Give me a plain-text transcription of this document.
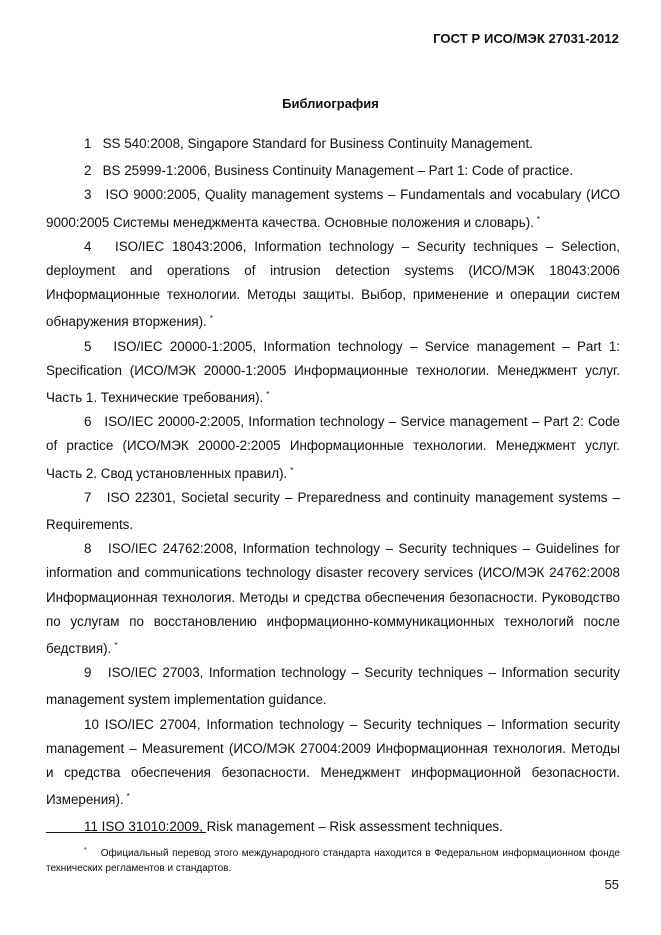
ГОСТ Р ИСО/МЭК 27031-2012
Библиография

1 SS 540:2008, Singapore Standard for Business Continuity Management.

2 BS 25999-1:2006, Business Continuity Management – Part 1: Code of practice.

3 ISO 9000:2005, Quality management systems – Fundamentals and vocabulary (ИСО 9000:2005 Системы менеджмента качества. Основные положения и словарь). *

4 ISO/IEC 18043:2006, Information technology – Security techniques – Selection, deployment and operations of intrusion detection systems (ИСО/МЭК 18043:2006 Информационные технологии. Методы защиты. Выбор, применение и операции систем обнаружения вторжения). *

5 ISO/IEC 20000-1:2005, Information technology – Service management – Part 1: Specification (ИСО/МЭК 20000-1:2005 Информационные технологии. Менеджмент услуг. Часть 1. Технические требования). *

6 ISO/IEC 20000-2:2005, Information technology – Service management – Part 2: Code of practice (ИСО/МЭК 20000-2:2005 Информационные технологии. Менеджмент услуг. Часть 2. Свод установленных правил). *

7 ISO 22301, Societal security – Preparedness and continuity management systems – Requirements.

8 ISO/IEC 24762:2008, Information technology – Security techniques – Guidelines for information and communications technology disaster recovery services (ИСО/МЭК 24762:2008 Информационная технология. Методы и средства обеспечения безопасности. Руководство по услугам по восстановлению информационно-коммуникационных технологий после бедствия). *

9 ISO/IEC 27003, Information technology – Security techniques – Information security management system implementation guidance.

10 ISO/IEC 27004, Information technology – Security techniques – Information security management – Measurement (ИСО/МЭК 27004:2009 Информационная технология. Методы и средства обеспечения безопасности. Менеджмент информационной безопасности. Измерения). *

11 ISO 31010:2009, Risk management – Risk assessment techniques.

* Официальный перевод этого международного стандарта находится в Федеральном информационном фонде технических регламентов и стандартов.
55
